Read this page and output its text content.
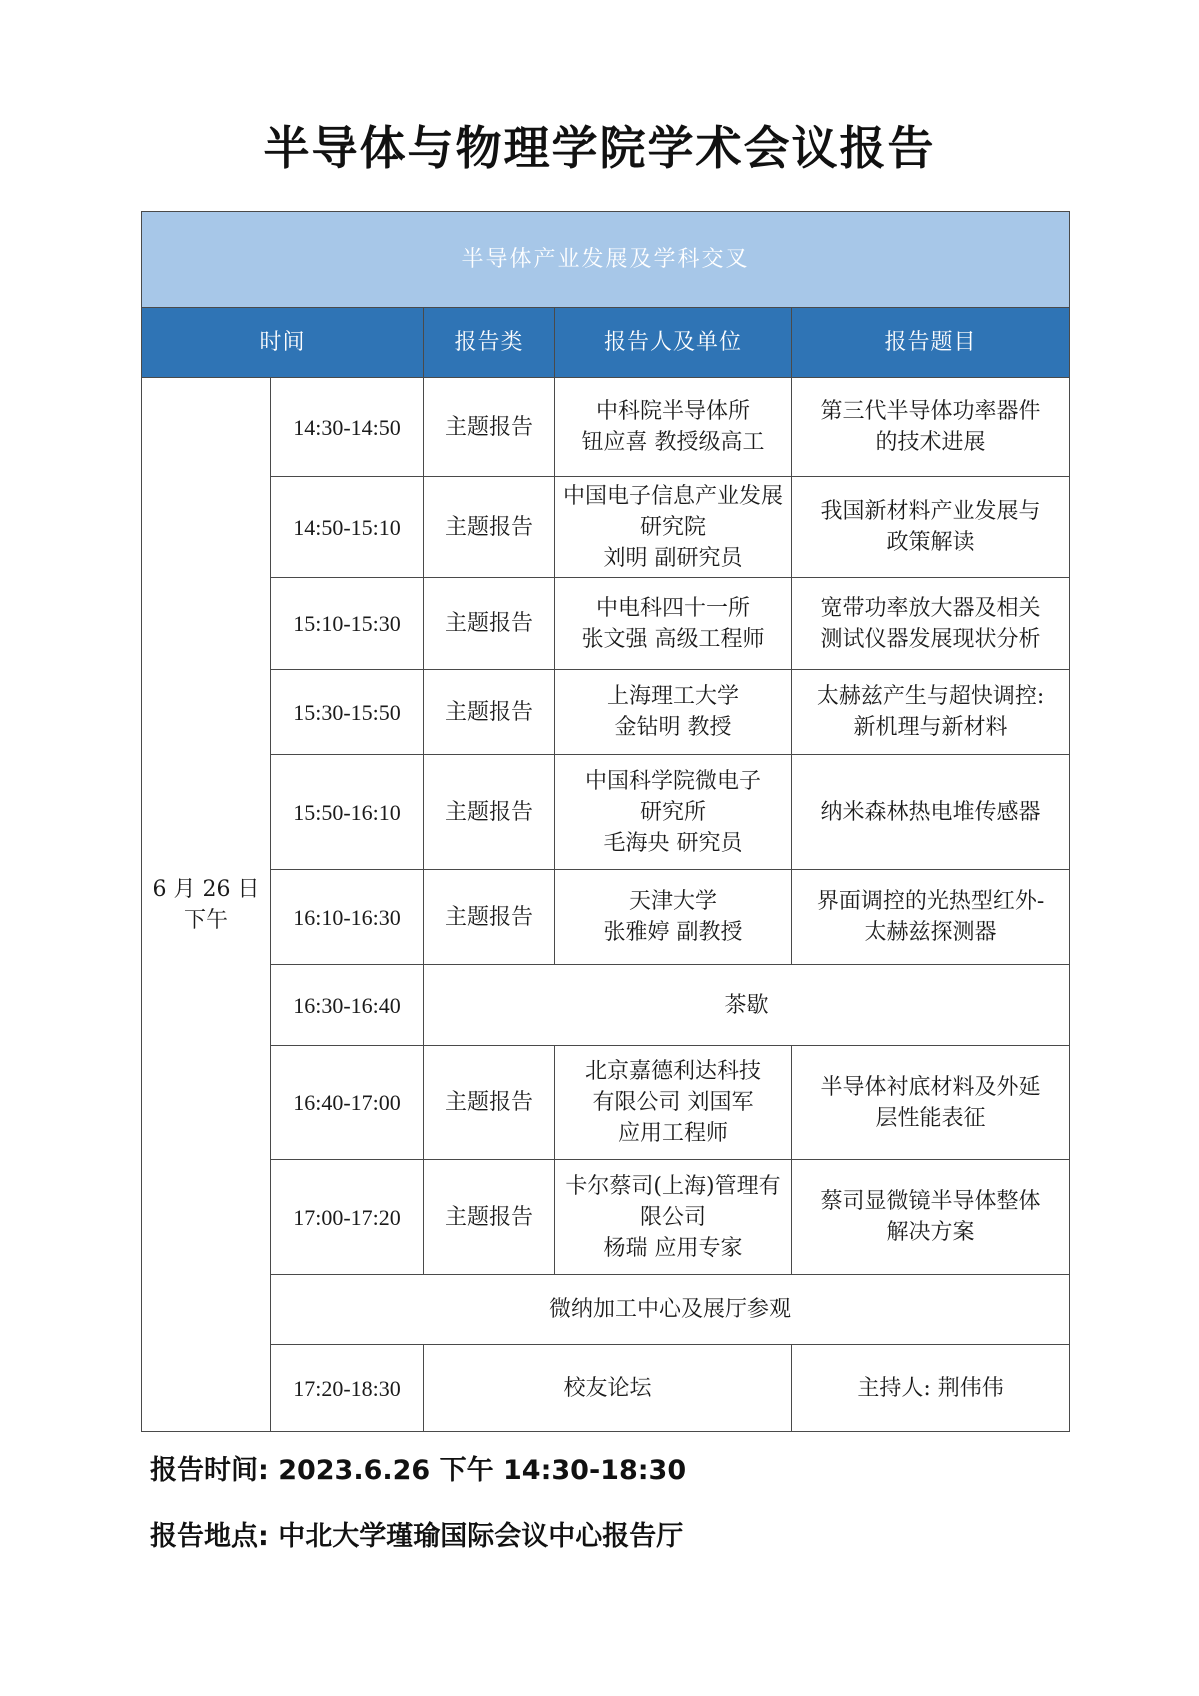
半导体与物理学院学术会议报告
半导体产业发展及学科交叉				
时间		报告类	报告人及单位	报告题目

6 月 26 日
下午	14:30-14:50	主题报告	中科院半导体所
钮应喜 教授级高工	第三代半导体功率器件
的技术进展

	14:50-15:10	主题报告	中国电子信息产业发展
研究院
刘明 副研究员	我国新材料产业发展与
政策解读

	15:10-15:30	主题报告	中电科四十一所
张文强 高级工程师	宽带功率放大器及相关
测试仪器发展现状分析

	15:30-15:50	主题报告	上海理工大学
金钻明 教授	太赫兹产生与超快调控:
新机理与新材料

	15:50-16:10	主题报告	中国科学院微电子
研究所
毛海央 研究员	纳米森林热电堆传感器

	16:10-16:30	主题报告	天津大学
张雅婷 副教授	界面调控的光热型红外-
太赫兹探测器

	16:30-16:40	茶歇		
	16:40-17:00	主题报告	北京嘉德利达科技
有限公司 刘国军
应用工程师	半导体衬底材料及外延
层性能表征

	17:00-17:20	主题报告	卡尔蔡司(上海)管理有
限公司
杨瑞 应用专家	蔡司显微镜半导体整体
解决方案

	微纳加工中心及展厅参观			
	17:20-18:30	校友论坛		主持人: 荆伟伟
报告时间: 2023.6.26 下午 14:30-18:30
报告地点: 中北大学瑾瑜国际会议中心报告厅
